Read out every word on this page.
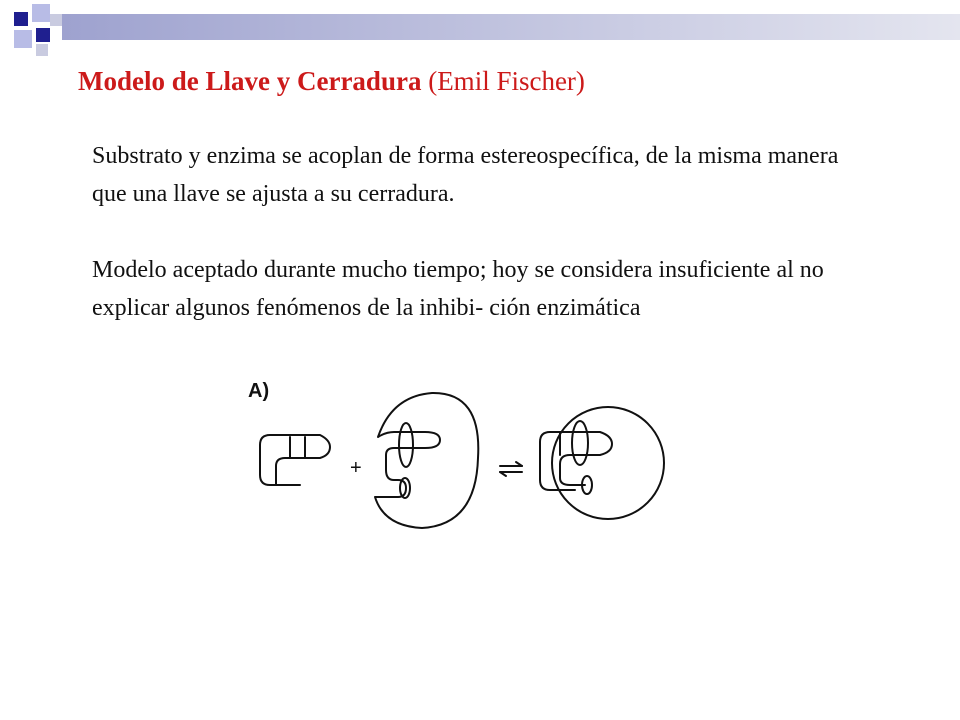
Modelo de Llave y Cerradura (Emil Fischer)
Substrato y enzima se acoplan de forma estereospecífica, de la misma manera que una llave se ajusta a su cerradura.
Modelo aceptado durante mucho tiempo; hoy se considera insuficiente al no explicar algunos fenómenos de la inhibi- ción enzimática
A)
+
